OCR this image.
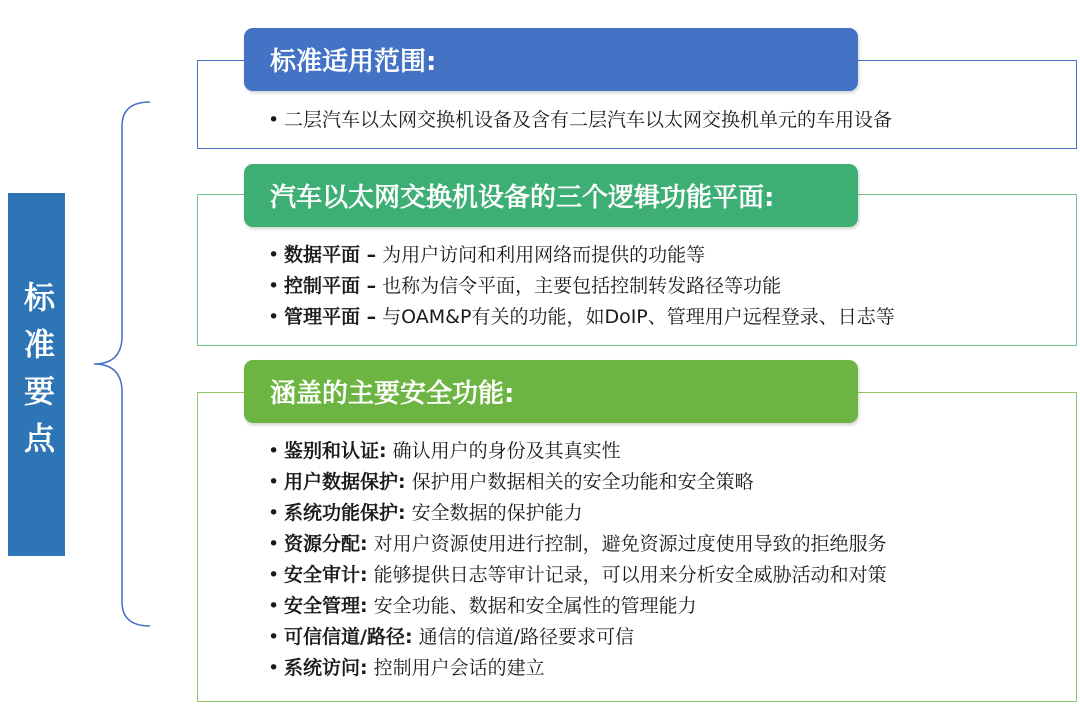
标准要点
标准适用范围:
• 二层汽车以太网交换机设备及含有二层汽车以太网交换机单元的车用设备
汽车以太网交换机设备的三个逻辑功能平面:
• 数据平面 – 为用户访问和利用网络而提供的功能等
• 控制平面 – 也称为信令平面，主要包括控制转发路径等功能
• 管理平面 – 与OAM&P有关的功能，如DoIP、管理用户远程登录、日志等
涵盖的主要安全功能:
• 鉴别和认证: 确认用户的身份及其真实性
• 用户数据保护: 保护用户数据相关的安全功能和安全策略
• 系统功能保护: 安全数据的保护能力
• 资源分配: 对用户资源使用进行控制，避免资源过度使用导致的拒绝服务
• 安全审计: 能够提供日志等审计记录，可以用来分析安全威胁活动和对策
• 安全管理: 安全功能、数据和安全属性的管理能力
• 可信信道/路径: 通信的信道/路径要求可信
• 系统访问: 控制用户会话的建立
